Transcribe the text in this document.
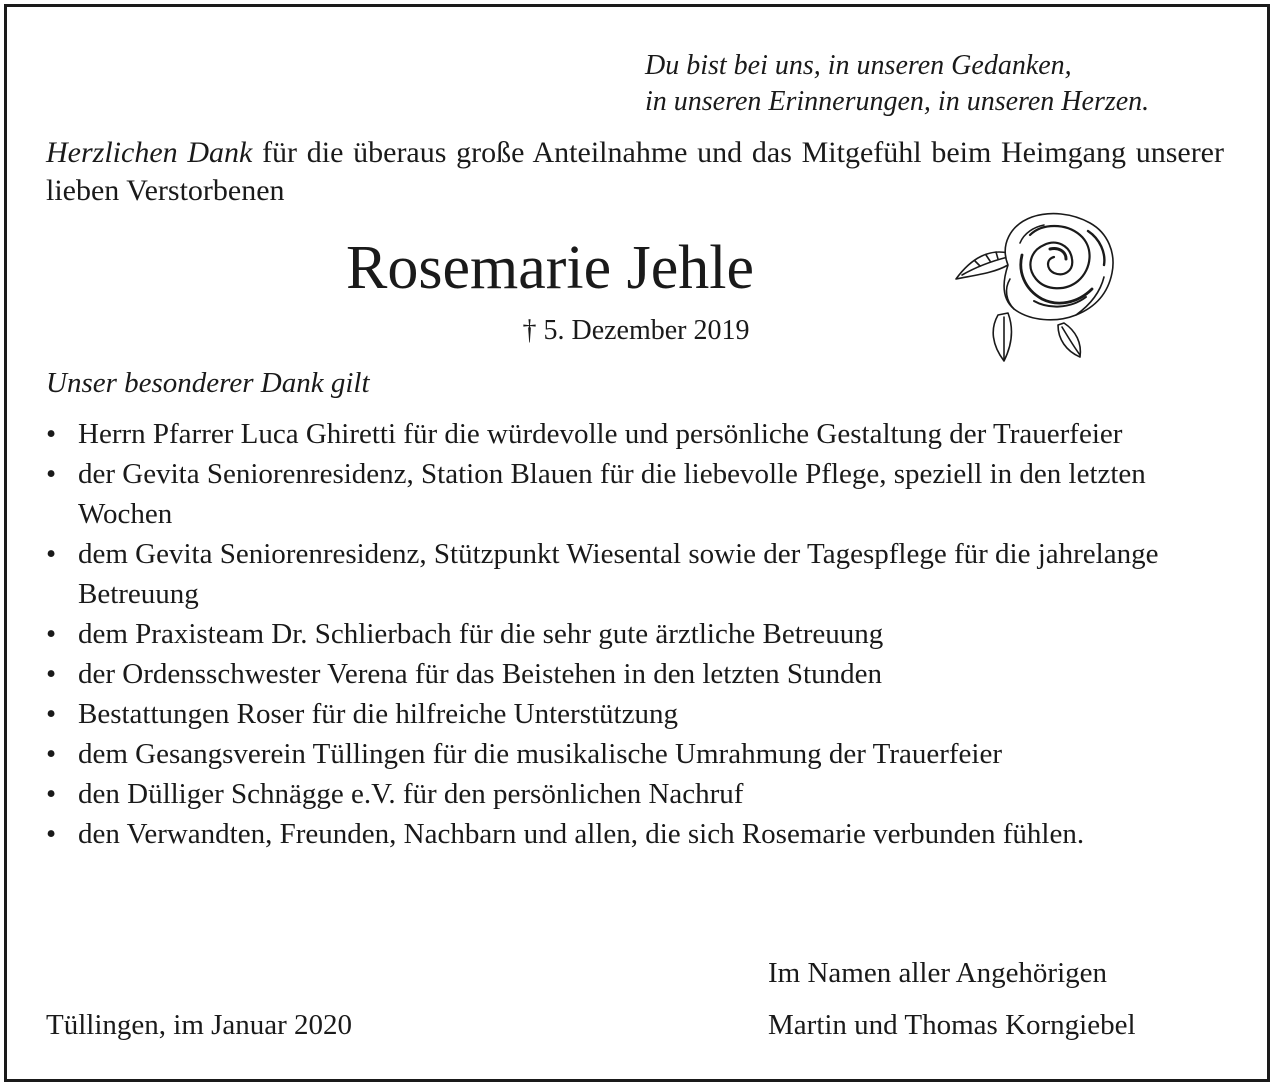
Du bist bei uns, in unseren Gedanken,
in unseren Erinnerungen, in unseren Herzen.
Herzlichen Dank für die überaus große Anteilnahme und das Mitgefühl beim Heimgang unserer lieben Verstorbenen
Rosemarie Jehle
† 5. Dezember 2019
Unser besonderer Dank gilt
• Herrn Pfarrer Luca Ghiretti für die würdevolle und persönliche Gestaltung der Trauerfeier
• der Gevita Seniorenresidenz, Station Blauen für die liebevolle Pflege, speziell in den letzten Wochen
• dem Gevita Seniorenresidenz, Stützpunkt Wiesental sowie der Tagespflege für die jahrelange Betreuung
• dem Praxisteam Dr. Schlierbach für die sehr gute ärztliche Betreuung
• der Ordensschwester Verena für das Beistehen in den letzten Stunden
• Bestattungen Roser für die hilfreiche Unterstützung
• dem Gesangsverein Tüllingen für die musikalische Umrahmung der Trauerfeier
• den Dülliger Schnägge e.V. für den persönlichen Nachruf
• den Verwandten, Freunden, Nachbarn und allen, die sich Rosemarie verbunden fühlen.
Im Namen aller Angehörigen
Tüllingen, im Januar 2020	Martin und Thomas Korngiebel
